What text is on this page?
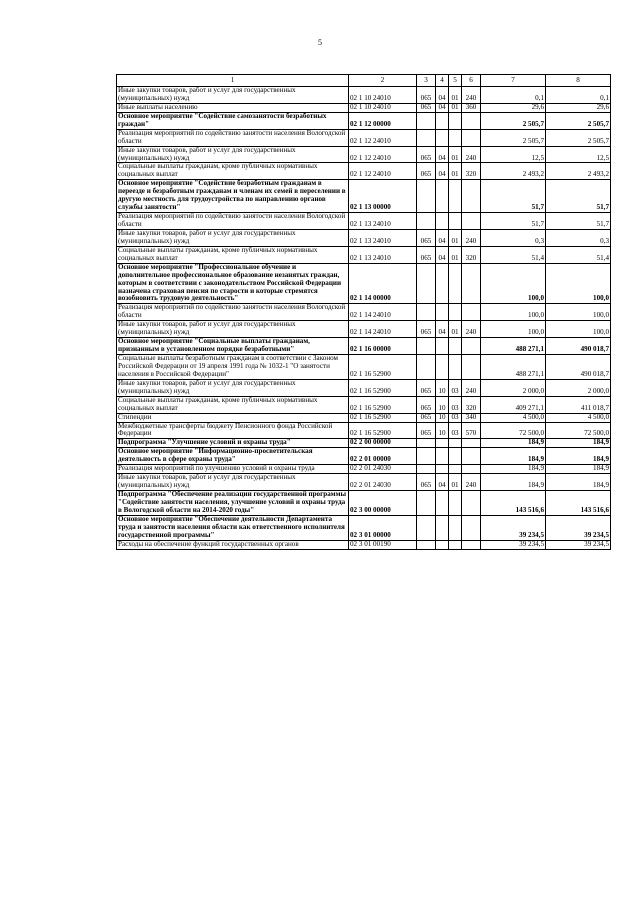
5
1	2	3	4	5	6	7	8
Иные закупки товаров, работ и услуг для государственных (муниципальных) нужд	02 1 10 24010	065	04	01	240	0,1	0,1
Иные выплаты населению	02 1 10 24010	065	04	01	360	29,6	29,6
Основное мероприятие "Содействие самозанятости безработных граждан"	02 1 12 00000					2 505,7	2 505,7
Реализация мероприятий по содействию занятости населения Вологодской области	02 1 12 24010					2 505,7	2 505,7
Иные закупки товаров, работ и услуг для государственных (муниципальных) нужд	02 1 12 24010	065	04	01	240	12,5	12,5
Социальные выплаты гражданам, кроме публичных нормативных социальных выплат	02 1 12 24010	065	04	01	320	2 493,2	2 493,2
Основное мероприятие "Содействие безработным гражданам в переезде и безработным гражданам и членам их семей в переселении в другую местность для трудоустройства по направлению органов службы занятости"	02 1 13 00000					51,7	51,7
Реализация мероприятий по содействию занятости населения Вологодской области	02 1 13 24010					51,7	51,7
Иные закупки товаров, работ и услуг для государственных (муниципальных) нужд	02 1 13 24010	065	04	01	240	0,3	0,3
Социальные выплаты гражданам, кроме публичных нормативных социальных выплат	02 1 13 24010	065	04	01	320	51,4	51,4
Основное мероприятие "Профессиональное обучение и дополнительное профессиональное образование незанятых граждан, которым в соответствии с законодательством Российской Федерации назначена страховая пенсия по старости и которые стремятся возобновить трудовую деятельность"	02 1 14 00000					100,0	100,0
Реализация мероприятий по содействию занятости населения Вологодской области	02 1 14 24010					100,0	100,0
Иные закупки товаров, работ и услуг для государственных (муниципальных) нужд	02 1 14 24010	065	04	01	240	100,0	100,0
Основное мероприятие "Социальные выплаты гражданам, признанным в установленном порядке безработными"	02 1 16 00000					488 271,1	490 018,7
Социальные выплаты безработным гражданам в соответствии с Законом Российской Федерации от 19 апреля 1991 года № 1032-1 "О занятости населения в Российской Федерации"	02 1 16 52900					488 271,1	490 018,7
Иные закупки товаров, работ и услуг для государственных (муниципальных) нужд	02 1 16 52900	065	10	03	240	2 000,0	2 000,0
Социальные выплаты гражданам, кроме публичных нормативных социальных выплат	02 1 16 52900	065	10	03	320	409 271,1	411 018,7
Стипендии	02 1 16 52900	065	10	03	340	4 500,0	4 500,0
Межбюджетные трансферты бюджету Пенсионного фонда Российской Федерации	02 1 16 52900	065	10	03	570	72 500,0	72 500,0
Подпрограмма "Улучшение условий и охраны труда"	02 2 00 00000					184,9	184,9
Основное мероприятие "Информационно-просветительская деятельность в сфере охраны труда"	02 2 01 00000					184,9	184,9
Реализация мероприятий по улучшению условий и охраны труда	02 2 01 24030					184,9	184,9
Иные закупки товаров, работ и услуг для государственных (муниципальных) нужд	02 2 01 24030	065	04	01	240	184,9	184,9
Подпрограмма "Обеспечение реализации государственной программы "Содействие занятости населения, улучшение условий и охраны труда в Вологодской области на 2014-2020 годы"	02 3 00 00000					143 516,6	143 516,6
Основное мероприятие "Обеспечение деятельности Департамента труда и занятости населения области как ответственного исполнителя государственной программы"	02 3 01 00000					39 234,5	39 234,5
Расходы на обеспечение функций государственных органов	02 3 01 00190					39 234,5	39 234,5
